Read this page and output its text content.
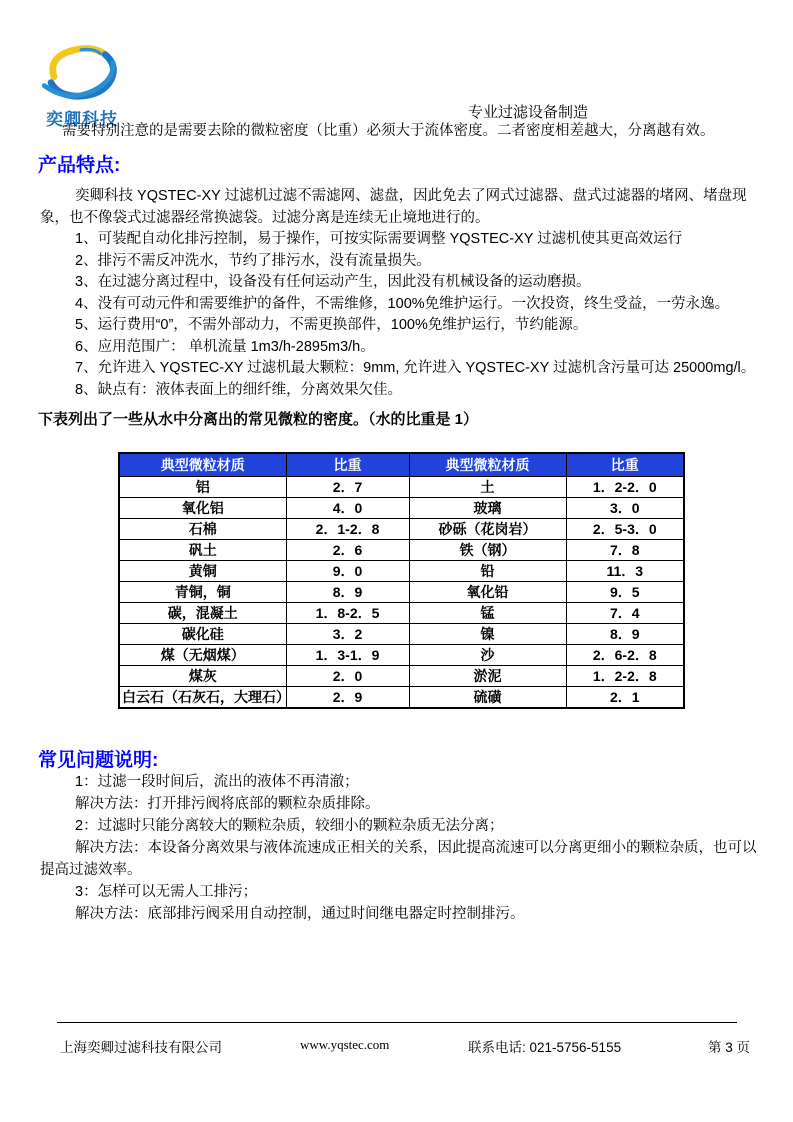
奕卿科技	专业过滤设备制造
需要特别注意的是需要去除的微粒密度（比重）必须大于流体密度。二者密度相差越大，分离越有效。
产品特点:
奕卿科技 YQSTEC-XY 过滤机过滤不需滤网、滤盘，因此免去了网式过滤器、盘式过滤器的堵网、堵盘现象，也不像袋式过滤器经常换滤袋。过滤分离是连续无止境地进行的。
1、可装配自动化排污控制，易于操作，可按实际需要调整 YQSTEC-XY 过滤机使其更高效运行
2、排污不需反冲洗水，节约了排污水，没有流量损失。
3、在过滤分离过程中，设备没有任何运动产生，因此没有机械设备的运动磨损。
4、没有可动元件和需要维护的备件，不需维修，100%免维护运行。一次投资，终生受益，一劳永逸。
5、运行费用“0”，不需外部动力，不需更换部件，100%免维护运行，节约能源。
6、应用范围广： 单机流量 1m3/h-2895m3/h。
7、允许进入 YQSTEC-XY 过滤机最大颗粒：9mm, 允许进入 YQSTEC-XY 过滤机含污量可达 25000mg/l。
8、缺点有：液体表面上的细纤维，分离效果欠佳。
下表列出了一些从水中分离出的常见微粒的密度。（水的比重是 1）
典型微粒材质	比重	典型微粒材质	比重
铝	2．7	土	1．2-2．0
氧化铝	4．0	玻璃	3．0
石棉	2．1-2．8	砂砾（花岗岩）	2．5-3．0
矾土	2．6	铁（钢）	7．8
黄铜	9．0	铅	11．3
青铜，铜	8．9	氧化铅	9．5
碳，混凝土	1．8-2．5	锰	7．4
碳化硅	3．2	镍	8．9
煤（无烟煤）	1．3-1．9	沙	2．6-2．8
煤灰	2．0	淤泥	1．2-2．8
白云石（石灰石，大理石）	2．9	硫磺	2．1
常见问题说明:
1：过滤一段时间后，流出的液体不再清澈；
解决方法：打开排污阀将底部的颗粒杂质排除。
2：过滤时只能分离较大的颗粒杂质，较细小的颗粒杂质无法分离；
解决方法：本设备分离效果与液体流速成正相关的关系，因此提高流速可以分离更细小的颗粒杂质，也可以提高过滤效率。
3：怎样可以无需人工排污；
解决方法：底部排污阀采用自动控制，通过时间继电器定时控制排污。
上海奕卿过滤科技有限公司	www.yqstec.com	联系电话: 021-5756-5155	第 3 页
